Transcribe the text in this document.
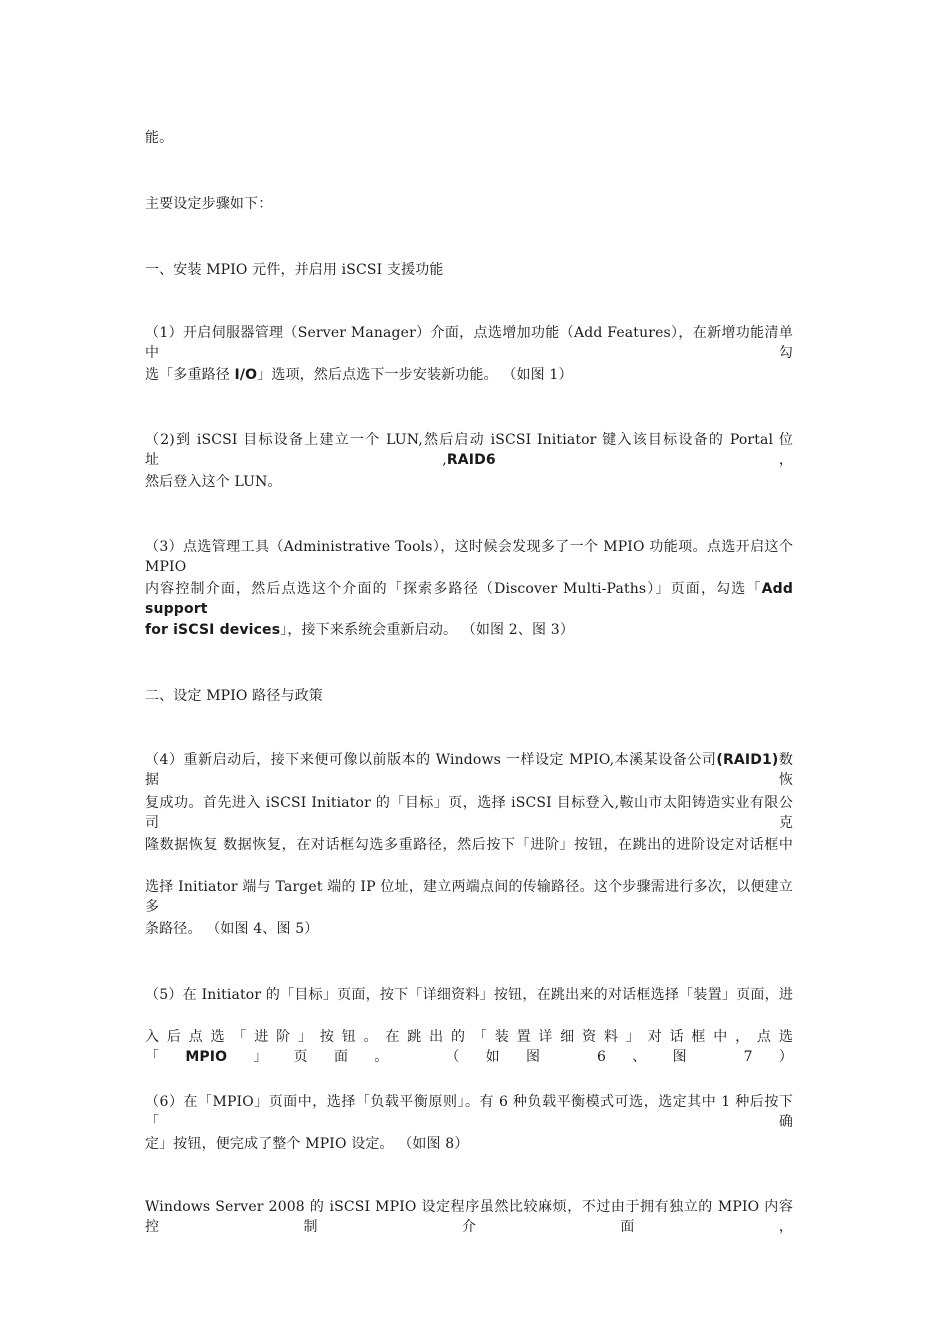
能。
主要设定步骤如下：
一、安装 MPIO 元件，并启用 iSCSI 支援功能
（1）开启伺服器管理（Server Manager）介面，点选增加功能（Add Features），在新增功能清单中勾
选「多重路径 I/O」选项，然后点选下一步安装新功能。 （如图 1）
（2)到 iSCSI 目标设备上建立一个 LUN,然后启动 iSCSI Initiator 键入该目标设备的 Portal 位址,RAID6，
然后登入这个 LUN。
（3）点选管理工具（Administrative Tools），这时候会发现多了一个 MPIO 功能项。点选开启这个 MPIO
内容控制介面，然后点选这个介面的「探索多路径（Discover Multi-Paths）」页面，勾选「Add support
for iSCSI devices」，接下来系统会重新启动。 （如图 2、图 3）
二、设定 MPIO 路径与政策
（4）重新启动后，接下来便可像以前版本的 Windows 一样设定 MPIO,本溪某设备公司(RAID1)数据恢
复成功。首先进入 iSCSI Initiator 的「目标」页，选择 iSCSI 目标登入,鞍山市太阳铸造实业有限公司克
隆数据恢复 数据恢复，在对话框勾选多重路径，然后按下「进阶」按钮，在跳出的进阶设定对话框中
选择 Initiator 端与 Target 端的 IP 位址，建立两端点间的传输路径。这个步骤需进行多次，以便建立多
条路径。 （如图 4、图 5）
（5）在 Initiator 的「目标」页面，按下「详细资料」按钮，在跳出来的对话框选择「装置」页面，进
入后点选「进阶」按钮。在跳出的「装置详细资料」对话框中，点选「MPIO」页面。 （如图 6、图 7）
（6）在「MPIO」页面中，选择「负载平衡原则」。有 6 种负载平衡模式可选，选定其中 1 种后按下「确
定」按钮，便完成了整个 MPIO 设定。 （如图 8）
Windows Server 2008 的 iSCSI MPIO 设定程序虽然比较麻烦，不过由于拥有独立的 MPIO 内容控制介面，
